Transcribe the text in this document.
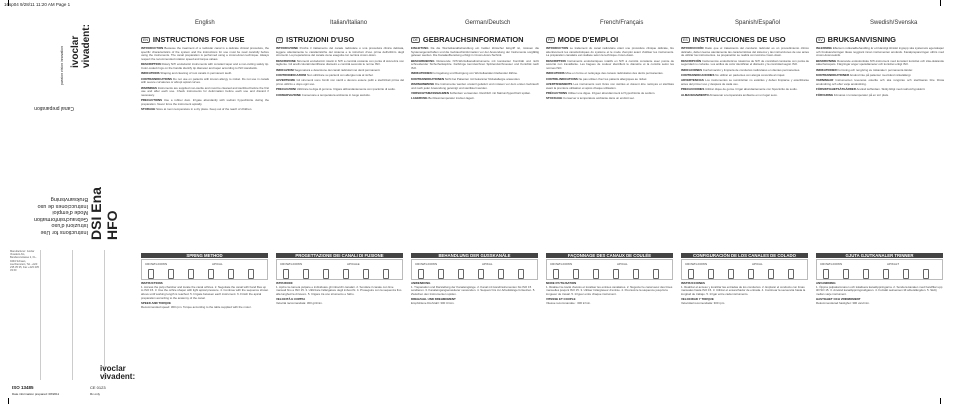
16sp04 9/28/11 11:20 AM Page 1
ivoclar vivadent:
passion vision innovation
Instructions for Use
Istruzioni d'uso
Gebrauchsinformation
Mode d'emploi
Instrucciones de uso
Bruksanvisning
Canal preparation
DSI Ena HFO
Manufacturer: Ivoclar Vivadent AG, Bendererstrasse 2, FL-9494 Schaan, Liechtenstein, Tel. +423 235 35 35, Fax +423 235 33 60
ISO 13485
Date information prepared: 08/2011
ivoclar vivadent:
CE 0123
Rx only
English
EN INSTRUCTIONS FOR USE

INTRODUCTION Because the treatment of a radicular canal is a delicate clinical procedure, the specific characteristics of the system and the instructions for use must be read carefully before using the instruments. The canal preparation is performed using a crown-down technique. Always respect the recommended rotation speed and torque values.

DESCRIPTION Rotary NiTi endodontic instruments with constant taper and a non-cutting safety tip. Color-coded rings on the handle identify tip diameter and taper according to ISO standards.

INDICATIONS Shaping and cleaning of root canals in permanent teeth.

CONTRAINDICATIONS Do not use on patients with known allergy to nickel. Do not use in canals with severe curvatures or abrupt apical curves.

WARNINGS Instruments are supplied non-sterile and must be cleaned and sterilized before the first use and after each use. Check instruments for deformation before each use and discard if necessary.

PRECAUTIONS Use a rubber dam. Irrigate abundantly with sodium hypochlorite during the preparation. Never force the instrument apically.

STORAGE Store at room temperature in a dry place. Keep out of the reach of children.

SPRING METHOD
CROWN-DOWN	APICAL

INSTRUCTIONS
1. Access the pulp chamber and locate the canal orifices. 2. Negotiate the canal with hand files up to ISO 15. 3. Use the orifice shaper with light apical pressure. 4. Continue with the sequence shown above until working length is reached. 5. Irrigate between each instrument. 6. Finish the apical preparation according to the anatomy of the canal.

SPEED AND TORQUE
Recommended speed: 300 rpm. Torque according to the table supplied with the motor.

Italian/Italiano
IT ISTRUZIONI D'USO

INTRODUZIONE Poiché il trattamento del canale radicolare è una procedura clinica delicata, leggere attentamente le caratteristiche del sistema e le istruzioni d'uso prima dell'utilizzo degli strumenti. La preparazione del canale viene eseguita con tecnica crown-down.

DESCRIZIONE Strumenti endodontici rotanti in NiTi a conicità costante con punta di sicurezza non tagliente. Gli anelli colorati identificano diametro e conicità secondo le norme ISO.

INDICAZIONI Sagomatura e detersione dei canali radicolari nei denti permanenti.

CONTROINDICAZIONI Non utilizzare su pazienti con allergia nota al nichel.

AVVERTENZE Gli strumenti sono forniti non sterili e devono essere puliti e sterilizzati prima del primo utilizzo e dopo ogni uso.

PRECAUZIONI Utilizzare la diga di gomma. Irrigare abbondantemente con ipoclorito di sodio.

CONSERVAZIONE Conservare a temperatura ambiente in luogo asciutto.

PROGETTAZIONE DEI CANALI DI FUSIONE
CROWN-DOWN	APICALE

ISTRUZIONI
1. Aprire la camera pulpare e individuare gli imbocchi canalari. 2. Sondare il canale con lime manuali fino a ISO 15. 3. Utilizzare l'allargatore degli imbocchi. 4. Proseguire con la sequenza fino alla lunghezza di lavoro. 5. Irrigare tra uno strumento e l'altro.

VELOCITÀ E COPPIA
Velocità raccomandata: 300 giri/min.

German/Deutsch
DE GEBRAUCHSINFORMATION

EINLEITUNG Da die Wurzelkanalbehandlung ein heikler klinischer Eingriff ist, müssen die Systemeigenschaften und die Gebrauchsinformation vor der Anwendung der Instrumente sorgfältig gelesen werden. Die Kanalaufbereitung erfolgt in Crown-down-Technik.

BESCHREIBUNG Rotierende NiTi-Wurzelkanalinstrumente mit konstanter Konizität und nicht schneidender Sicherheitsspitze. Farbringe kennzeichnen Spitzendurchmesser und Konizität nach ISO.

INDIKATIONEN Formgebung und Reinigung von Wurzelkanälen bleibender Zähne.

KONTRAINDIKATIONEN Nicht bei Patienten mit bekannter Nickelallergie anwenden.

WARNHINWEISE Die Instrumente werden unsteril geliefert und müssen vor dem ersten Gebrauch und nach jeder Anwendung gereinigt und sterilisiert werden.

VORSICHTSMASSNAHMEN Kofferdam verwenden. Reichlich mit Natriumhypochlorit spülen.

LAGERUNG Bei Raumtemperatur trocken lagern.

BEHANDLUNG DER GUSSKANÄLE
CROWN-DOWN	APIKAL

ANWENDUNG
1. Trepanation und Darstellung der Kanaleingänge. 2. Kanal mit Handinstrumenten bis ISO 15 sondieren. 3. Kanaleingangserweiterer verwenden. 4. Sequenz bis zur Arbeitslänge fortsetzen. 5. Zwischen den Instrumenten spülen.

DREHZAHL UND DREHMOMENT
Empfohlene Drehzahl: 300 U/min.

French/Français
FR MODE D'EMPLOI

INTRODUCTION Le traitement du canal radiculaire étant une procédure clinique délicate, lire attentivement les caractéristiques du système et le mode d'emploi avant d'utiliser les instruments. La préparation canalaire est réalisée selon la technique crown-down.

DESCRIPTION Instruments endodontiques rotatifs en NiTi à conicité constante avec pointe de sécurité non travaillante. Les bagues de couleur identifient le diamètre et la conicité selon les normes ISO.

INDICATIONS Mise en forme et nettoyage des canaux radiculaires des dents permanentes.

CONTRE-INDICATIONS Ne pas utiliser chez les patients allergiques au nickel.

AVERTISSEMENTS Les instruments sont livrés non stériles et doivent être nettoyés et stérilisés avant la première utilisation et après chaque utilisation.

PRÉCAUTIONS Utiliser une digue. Irriguer abondamment à l'hypochlorite de sodium.

STOCKAGE Conserver à température ambiante dans un endroit sec.

FAÇONNAGE DES CANAUX DE COULÉE
CROWN-DOWN	APICAL

MODE D'UTILISATION
1. Réaliser la cavité d'accès et localiser les entrées canalaires. 2. Négocier le canal avec des limes manuelles jusqu'à ISO 15. 3. Utiliser l'élargisseur d'entrée. 4. Poursuivre la séquence jusqu'à la longueur de travail. 5. Irriguer entre chaque instrument.

VITESSE ET COUPLE
Vitesse recommandée : 300 tr/min.

Spanish/Español
ES INSTRUCCIONES DE USO

INTRODUCCIÓN Dado que el tratamiento del conducto radicular es un procedimiento clínico delicado, deben leerse atentamente las características del sistema y las instrucciones de uso antes de utilizar los instrumentos. La preparación se realiza con técnica crown-down.

DESCRIPCIÓN Instrumentos endodónticos rotatorios de NiTi de conicidad constante con punta de seguridad no cortante. Los anillos de color identifican el diámetro y la conicidad según ISO.

INDICACIONES Conformación y limpieza de conductos radiculares en dientes permanentes.

CONTRAINDICACIONES No utilizar en pacientes con alergia conocida al níquel.

ADVERTENCIAS Los instrumentos se suministran no estériles y deben limpiarse y esterilizarse antes del primer uso y después de cada uso.

PRECAUCIONES Utilizar dique de goma. Irrigar abundantemente con hipoclorito de sodio.

ALMACENAMIENTO Almacenar a temperatura ambiente en un lugar seco.

CONFIGURACIÓN DE LOS CANALES DE COLADO
CROWN-DOWN	APICAL

INSTRUCCIONES
1. Realizar el acceso y localizar las entradas de los conductos. 2. Explorar el conducto con limas manuales hasta ISO 15. 3. Utilizar el ensanchador de entrada. 4. Continuar la secuencia hasta la longitud de trabajo. 5. Irrigar entre cada instrumento.

VELOCIDAD Y TORQUE
Velocidad recomendada: 300 rpm.

Swedish/Svenska
SV BRUKSANVISNING

INLEDNING Eftersom rotkanalbehandling är ett känsligt kliniskt ingrepp ska systemets egenskaper och bruksanvisningen läsas noggrant innan instrumenten används. Kanalprepareringen utförs med crown-down-teknik.

BESKRIVNING Roterande endodontiska NiTi-instrument med konstant konicitet och icke-skärande säkerhetsspets. Färgringar anger spetsdiameter och konicitet enligt ISO.

INDIKATIONER Formning och rengöring av rotkanaler i permanenta tänder.

KONTRAINDIKATIONER Använd inte på patienter med känd nickelallergi.

VARNINGAR Instrumenten levereras osterila och ska rengöras och steriliseras före första användning och efter varje användning.

FÖRSIKTIGHETSÅTGÄRDER Använd kofferdam. Skölj rikligt med natriumhypoklorit.

FÖRVARING Förvaras i rumstemperatur på en torr plats.

GJUTA GJUTKANALER TRINNER
CROWN-DOWN	APIKALT

ANVÄNDNING
1. Öppna pulpakammaren och lokalisera kanalöppningarna. 2. Sondera kanalen med handfilar upp till ISO 15. 3. Använd kanalöppningsvidgaren. 4. Fortsätt sekvensen till arbetslängden. 5. Skölj mellan varje instrument.

HASTIGHET OCH VRIDMOMENT
Rekommenderad hastighet: 300 varv/min.
